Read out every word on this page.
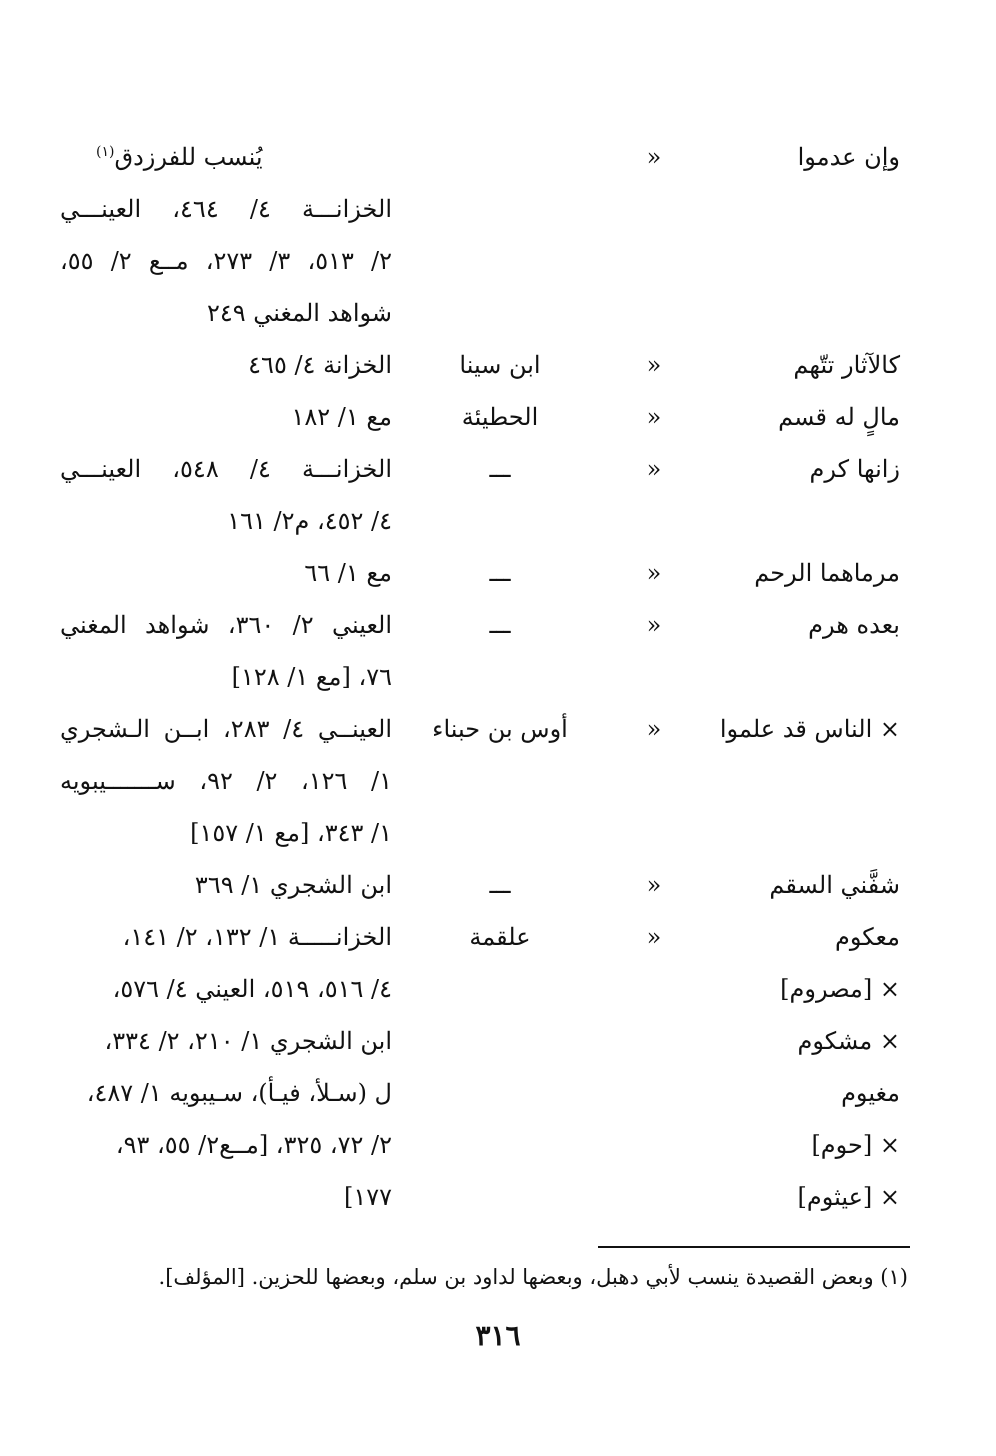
وإن عدموا
«
يُنسب للفرزدق$^{(١)}$
الخزانـــة ٤/ ٤٦٤، العينـــي
٢/ ٥١٣، ٣/ ٢٧٣، مــع ٢/ ٥٥،
شواهد المغني ٢٤٩
كالآثار تتّهم
«
ابن سينا
الخزانة ٤/ ٤٦٥
مالٍ له قسم
«
الحطيئة
مع ١/ ١٨٢
زانها كرم
«
ـــ
الخزانـــة ٤/ ٥٤٨، العينـــي
٤/ ٤٥٢، م٢/ ١٦١
مرماهما الرحم
«
ـــ
مع ١/ ٦٦
بعده هرم
«
ـــ
العيني ٢/ ٣٦٠، شواهد المغني
٧٦، [مع ١/ ١٢٨]
× الناس قد علموا
«
أوس بن حبناء
العينــي ٤/ ٢٨٣، ابــن الـشجري
١/ ١٢٦، ٢/ ٩٢، ســـــــيبويه
١/ ٣٤٣، [مع ١/ ١٥٧]
شفَّني السقم
«
ـــ
ابن الشجري ١/ ٣٦٩
معكوم
«
علقمة
الخزانـــــة ١/ ١٣٢، ٢/ ١٤١،
× [مصروم]
٤/ ٥١٦، ٥١٩، العيني ٤/ ٥٧٦،
× مشكوم
ابن الشجري ١/ ٢١٠، ٢/ ٣٣٤،
مغيوم
ل (سـلأ، فيـأ)، سـيبويه ١/ ٤٨٧،
× [حوم]
٢/ ٧٢، ٣٢٥، [مــع٢/ ٥٥، ٩٣،
× [عيثوم]
١٧٧]
(١) وبعض القصيدة ينسب لأبي دهبل، وبعضها لداود بن سلم، وبعضها للحزين. [المؤلف].
٣١٦
